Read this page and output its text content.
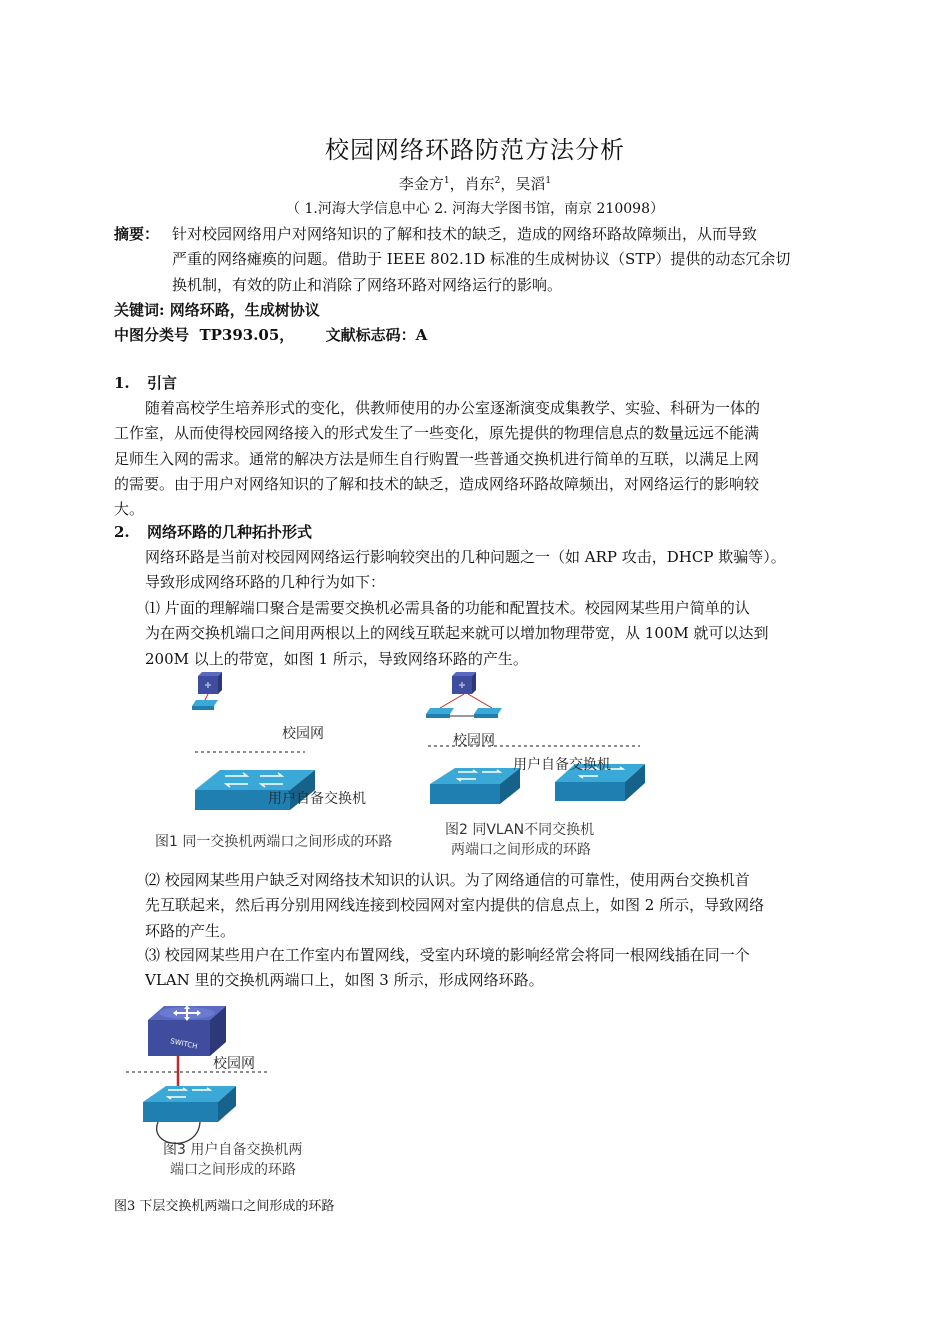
校园网络环路防范方法分析
李金方$^1$，肖东$^2$，吴滔$^1$
（ 1.河海大学信息中心 2. 河海大学图书馆，南京 210098）
摘要： 针对校园网络用户对网络知识的了解和技术的缺乏，造成的网络环路故障频出，从而导致
严重的网络瘫痪的问题。借助于 IEEE 802.1D 标准的生成树协议（STP）提供的动态冗余切
换机制，有效的防止和消除了网络环路对网络运行的影响。
关键词: 网络环路，生成树协议
中图分类号  TP393.05，      文献标志码：A
1. 引言
随着高校学生培养形式的变化，供教师使用的办公室逐渐演变成集教学、实验、科研为一体的
工作室，从而使得校园网络接入的形式发生了一些变化，原先提供的物理信息点的数量远远不能满
足师生入网的需求。通常的解决方法是师生自行购置一些普通交换机进行简单的互联，以满足上网
的需要。由于用户对网络知识的了解和技术的缺乏，造成网络环路故障频出，对网络运行的影响较
大。
2. 网络环路的几种拓扑形式
网络环路是当前对校园网网络运行影响较突出的几种问题之一（如 ARP 攻击，DHCP 欺骗等）。
导致形成网络环路的几种行为如下：
⑴ 片面的理解端口聚合是需要交换机必需具备的功能和配置技术。校园网某些用户简单的认
为在两交换机端口之间用两根以上的网线互联起来就可以增加物理带宽，从 100M 就可以达到
200M 以上的带宽，如图 1 所示，导致网络环路的产生。
✛
校园网
用户自备交换机
图1 同一交换机两端口之间形成的环路
✛
校园网
用户自备交换机
图2 同VLAN不同交换机
两端口之间形成的环路
⑵ 校园网某些用户缺乏对网络技术知识的认识。为了网络通信的可靠性，使用两台交换机首
先互联起来，然后再分别用网线连接到校园网对室内提供的信息点上，如图 2 所示，导致网络
环路的产生。
⑶ 校园网某些用户在工作室内布置网线，受室内环境的影响经常会将同一根网线插在同一个
VLAN 里的交换机两端口上，如图 3 所示，形成网络环路。
SWITCH
校园网
图3 用户自备交换机两
端口之间形成的环路
图3 下层交换机两端口之间形成的环路
